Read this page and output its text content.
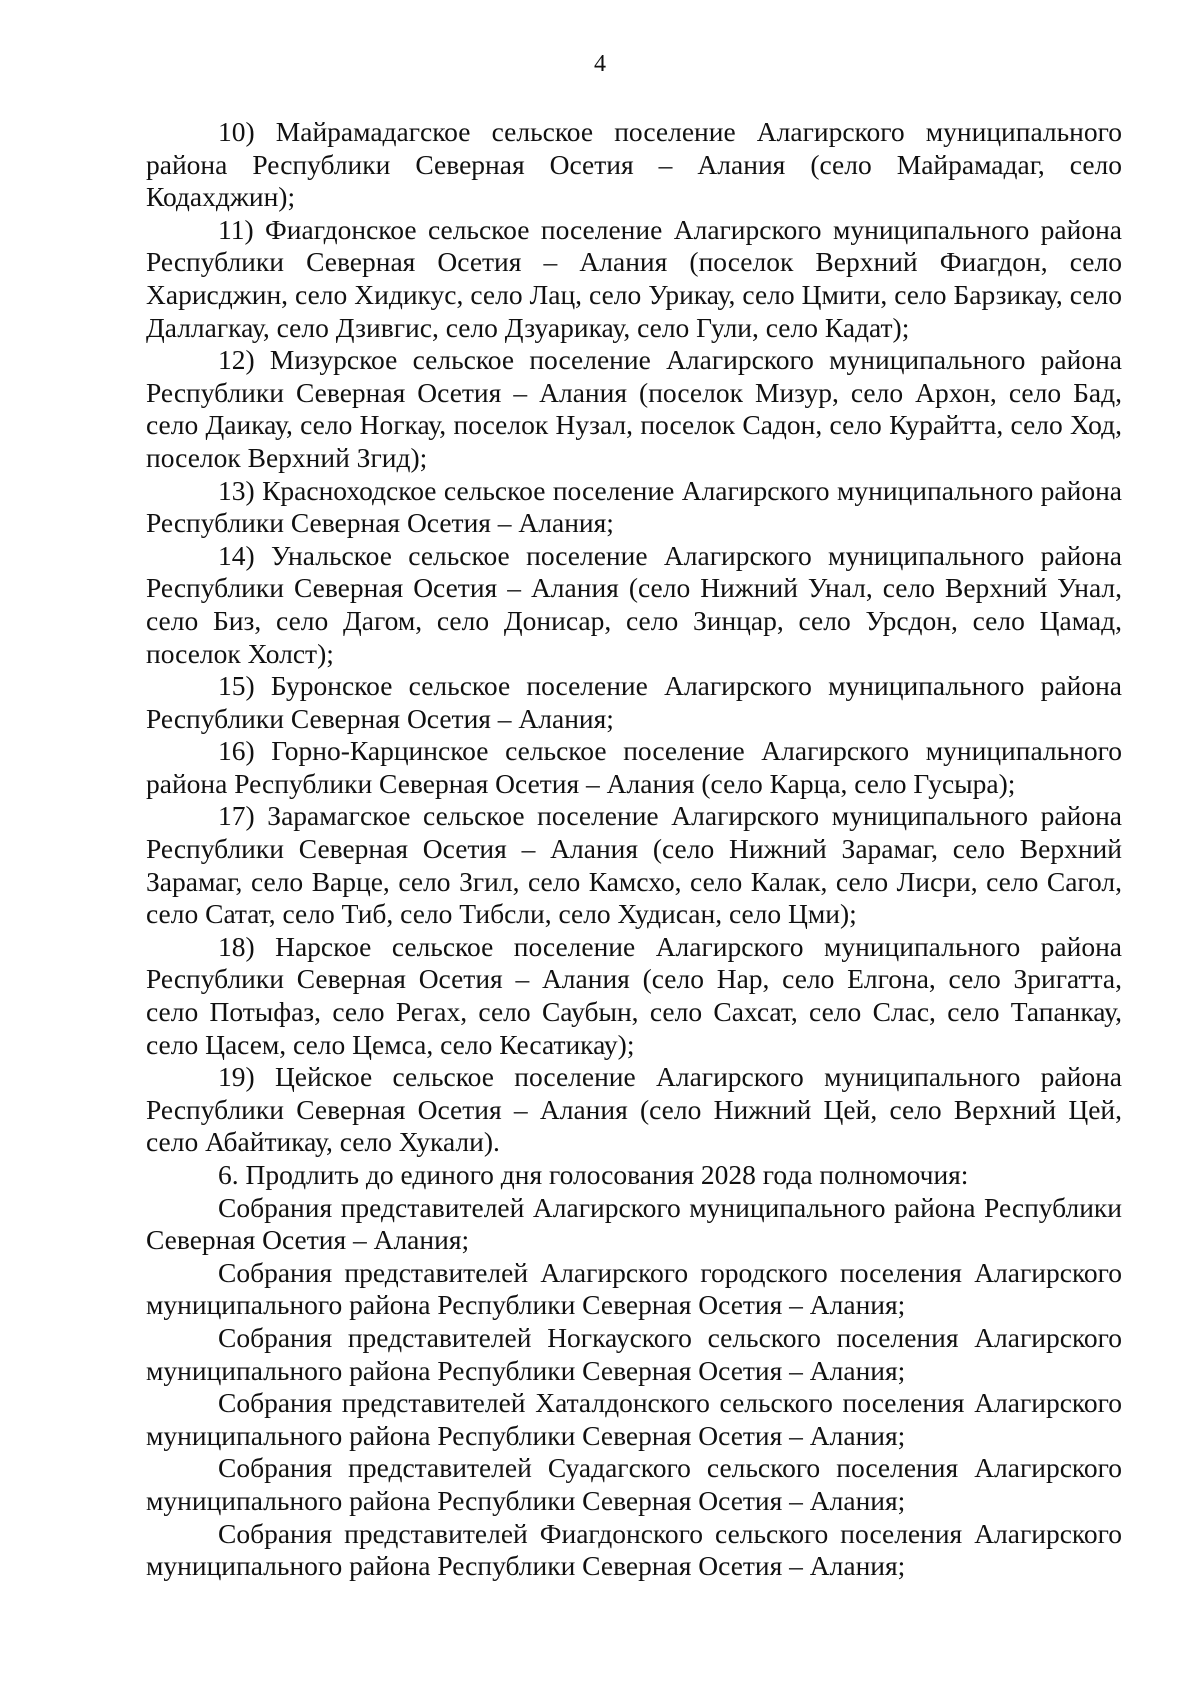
4

10) Майрамадагское сельское поселение Алагирского муниципального района Республики Северная Осетия – Алания (село Майрамадаг, село Кодахджин);

11) Фиагдонское сельское поселение Алагирского муниципального района Республики Северная Осетия – Алания (поселок Верхний Фиагдон, село Харисджин, село Хидикус, село Лац, село Урикау, село Цмити, село Барзикау, село Даллагкау, село Дзивгис, село Дзуарикау, село Гули, село Кадат);

12) Мизурское сельское поселение Алагирского муниципального района Республики Северная Осетия – Алания (поселок Мизур, село Архон, село Бад, село Даикау, село Ногкау, поселок Нузал, поселок Садон, село Курайтта, село Ход, поселок Верхний Згид);

13) Красноходское сельское поселение Алагирского муниципального района Республики Северная Осетия – Алания;

14) Унальское сельское поселение Алагирского муниципального района Республики Северная Осетия – Алания (село Нижний Унал, село Верхний Унал, село Биз, село Дагом, село Донисар, село Зинцар, село Урсдон, село Цамад, поселок Холст);

15) Буронское сельское поселение Алагирского муниципального района Республики Северная Осетия – Алания;

16) Горно-Карцинское сельское поселение Алагирского муниципального района Республики Северная Осетия – Алания (село Карца, село Гусыра);

17) Зарамагское сельское поселение Алагирского муниципального района Республики Северная Осетия – Алания (село Нижний Зарамаг, село Верхний Зарамаг, село Варце, село Згил, село Камсхо, село Калак, село Лисри, село Сагол, село Сатат, село Тиб, село Тибсли, село Худисан, село Цми);

18) Нарское сельское поселение Алагирского муниципального района Республики Северная Осетия – Алания (село Нар, село Елгона, село Зригатта, село Потыфаз, село Регах, село Саубын, село Сахсат, село Слас, село Тапанкау, село Цасем, село Цемса, село Кесатикау);

19) Цейское сельское поселение Алагирского муниципального района Республики Северная Осетия – Алания (село Нижний Цей, село Верхний Цей, село Абайтикау, село Хукали).

6. Продлить до единого дня голосования 2028 года полномочия:

Собрания представителей Алагирского муниципального района Республики Северная Осетия – Алания;

Собрания представителей Алагирского городского поселения Алагирского муниципального района Республики Северная Осетия – Алания;

Собрания представителей Ногкауского сельского поселения Алагирского муниципального района Республики Северная Осетия – Алания;

Собрания представителей Хаталдонского сельского поселения Алагирского муниципального района Республики Северная Осетия – Алания;

Собрания представителей Суадагского сельского поселения Алагирского муниципального района Республики Северная Осетия – Алания;

Собрания представителей Фиагдонского сельского поселения Алагирского муниципального района Республики Северная Осетия – Алания;
